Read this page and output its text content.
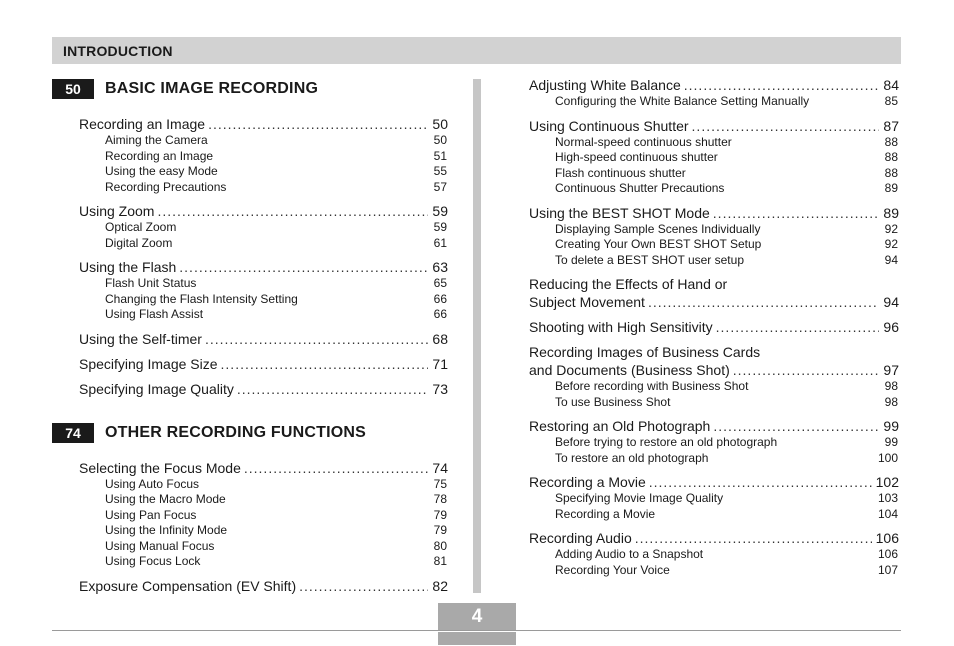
INTRODUCTION
50	BASIC IMAGE RECORDING
Recording an Image .....	50
Aiming the Camera	50
Recording an Image	51
Using the easy Mode	55
Recording Precautions	57
Using Zoom .....	59
Optical Zoom	59
Digital Zoom	61
Using the Flash .....	63
Flash Unit Status	65
Changing the Flash Intensity Setting	66
Using Flash Assist	66
Using the Self-timer .....	68
Specifying Image Size .....	71
Specifying Image Quality .....	73
74	OTHER RECORDING FUNCTIONS
Selecting the Focus Mode .....	74
Using Auto Focus	75
Using the Macro Mode	78
Using Pan Focus	79
Using the Infinity Mode	79
Using Manual Focus	80
Using Focus Lock	81
Exposure Compensation (EV Shift) .....	82
Adjusting White Balance .....	84
Configuring the White Balance Setting Manually	85
Using Continuous Shutter .....	87
Normal-speed continuous shutter	88
High-speed continuous shutter	88
Flash continuous shutter	88
Continuous Shutter Precautions	89
Using the BEST SHOT Mode .....	89
Displaying Sample Scenes Individually	92
Creating Your Own BEST SHOT Setup	92
To delete a BEST SHOT user setup	94
Reducing the Effects of Hand or
Subject Movement .....	94
Shooting with High Sensitivity .....	96
Recording Images of Business Cards
and Documents (Business Shot) .....	97
Before recording with Business Shot	98
To use Business Shot	98
Restoring an Old Photograph .....	99
Before trying to restore an old photograph	99
To restore an old photograph	100
Recording a Movie .....	102
Specifying Movie Image Quality	103
Recording a Movie	104
Recording Audio .....	106
Adding Audio to a Snapshot	106
Recording Your Voice	107
4
